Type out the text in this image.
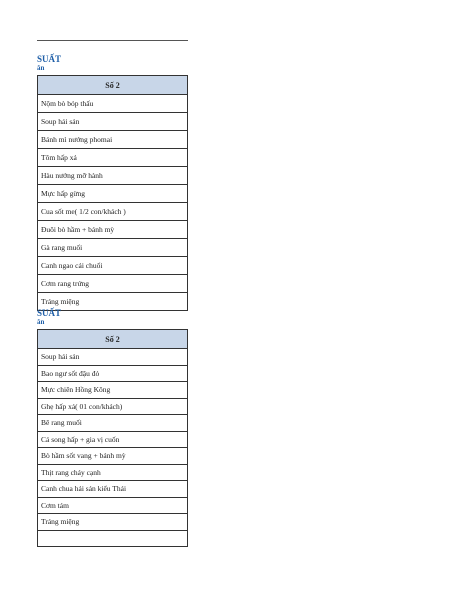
SUẤT
ăn
Số 2
Nộm bò bóp thấu
Soup hải sản
Bánh mì nướng phomai
Tôm hấp xả
Hàu nướng mỡ hành
Mực hấp gừng
Cua sốt me( 1/2 con/khách )
Đuôi bò hầm + bánh mỳ
Gà rang muối
Canh ngao cải chuối
Cơm rang trứng
Tráng miệng
SUẤT
ăn
Số 2
Soup hải sản
Bao ngư sốt đậu đỏ
Mực chiên Hồng Kông
Ghẹ hấp xả( 01 con/khách)
Bê rang muối
Cá song hấp + gia vị cuốn
Bò hầm sốt vang + bánh mỳ
Thịt rang cháy cạnh
Canh chua hải sản kiểu Thái
Cơm tám
Tráng miệng
